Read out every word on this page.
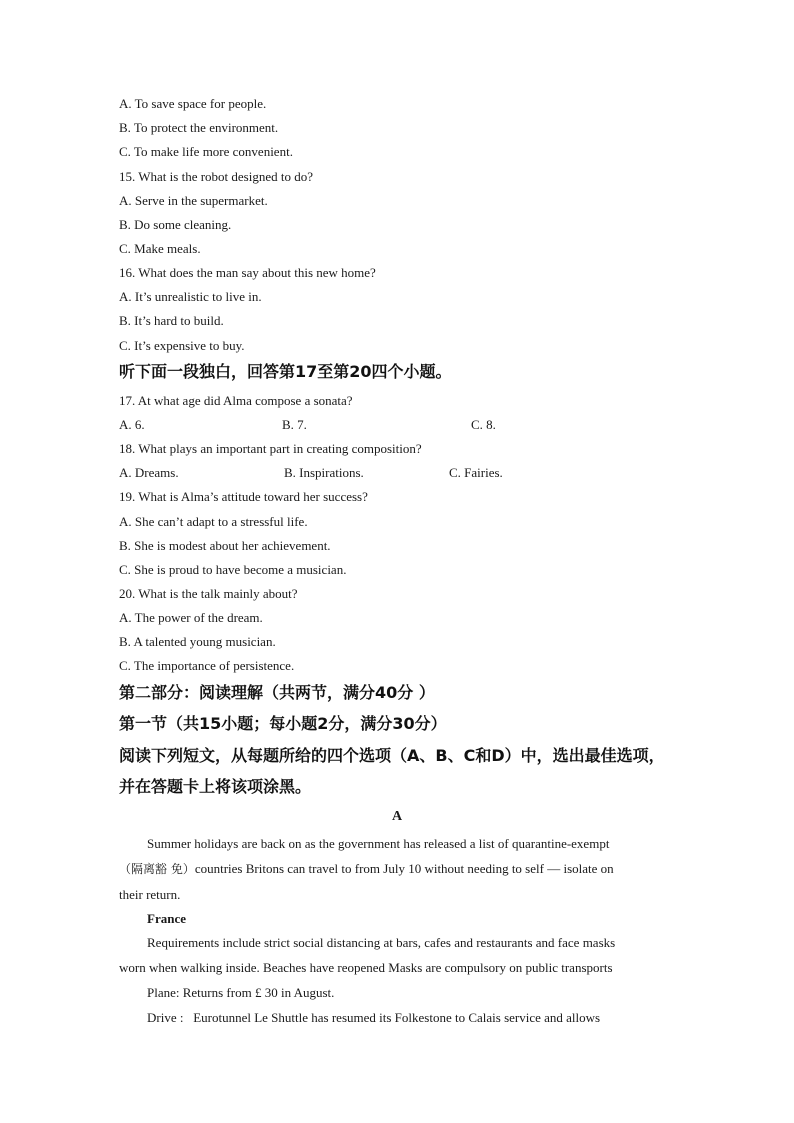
A. To save space for people.
B. To protect the environment.
C. To make life more convenient.
15. What is the robot designed to do?
A. Serve in the supermarket.
B. Do some cleaning.
C. Make meals.
16. What does the man say about this new home?
A. It’s unrealistic to live in.
B. It’s hard to build.
C. It’s expensive to buy.
听下面一段独白，回答第17至第20四个小题。
17. At what age did Alma compose a sonata?
A. 6.	B. 7.	C. 8.
18. What plays an important part in creating composition?
A. Dreams.	B. Inspirations.	C. Fairies.
19. What is Alma’s attitude toward her success?
A. She can’t adapt to a stressful life.
B. She is modest about her achievement.
C. She is proud to have become a musician.
20. What is the talk mainly about?
A. The power of the dream.
B. A talented young musician.
C. The importance of persistence.
第二部分：阅读理解（共两节，满分40分 ）
第一节（共15小题；每小题2分，满分30分）
阅读下列短文，从每题所给的四个选项（A、B、C和D）中，选出最佳选项，
并在答题卡上将该项涂黑。
A
Summer holidays are back on as the government has released a list of quarantine-exempt
（隔离豁 免）countries Britons can travel to from July 10 without needing to self — isolate on
their return.
France
Requirements include strict social distancing at bars, cafes and restaurants and face masks
worn when walking inside. Beaches have reopened Masks are compulsory on public transports
Plane: Returns from £ 30 in August.
Drive :   Eurotunnel Le Shuttle has resumed its Folkestone to Calais service and allows
